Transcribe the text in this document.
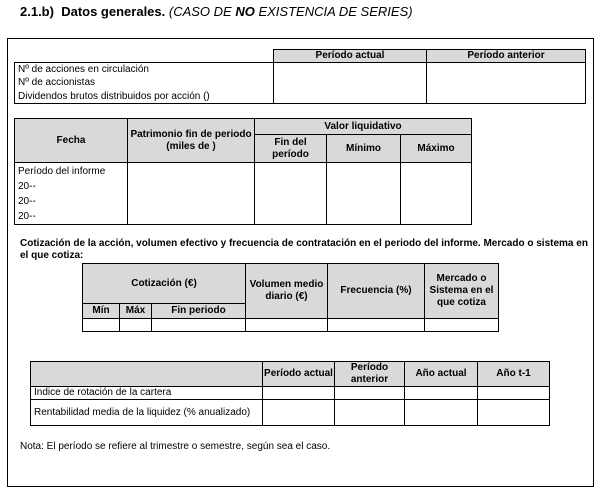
2.1.b) Datos generales. (CASO DE NO EXISTENCIA DE SERIES)
	Período actual	Período anterior

Nº de acciones en circulación
Nº de accionistas
Dividendos brutos distribuidos por acción ()		

Fecha	Patrimonio fin de periodo (miles de )	Valor liquidativo		
		Fin del período	Mínimo	Máximo

Período del informe
20--
20--
20--				

Cotización de la acción, volumen efectivo y frecuencia de contratación en el periodo del informe. Mercado o sistema en el que cotiza:
Cotización (€)			Volumen medio diario (€)	Frecuencia (%)	Mercado o Sistema en el que cotiza
Mín	Máx	Fin periodo			

	Período actual	Período anterior	Año actual	Año t-1
Índice de rotación de la cartera				
Rentabilidad media de la liquidez (% anualizado)				
Nota: El período se refiere al trimestre o semestre, según sea el caso.
